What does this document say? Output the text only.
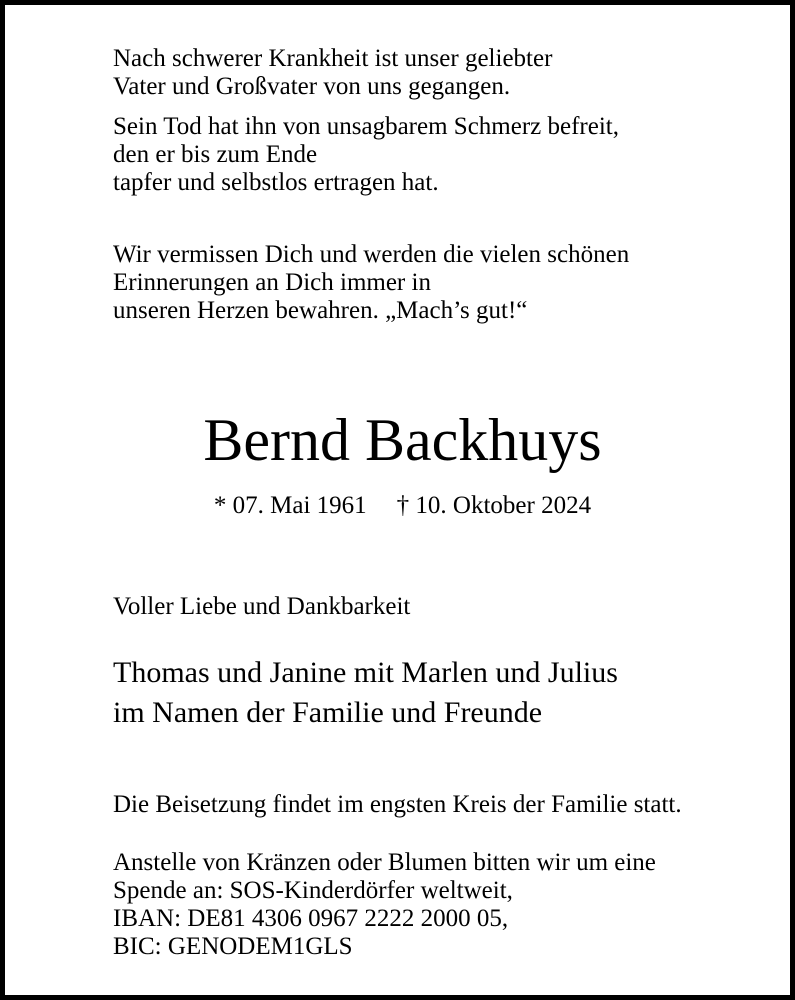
Nach schwerer Krankheit ist unser geliebter
Vater und Großvater von uns gegangen.

Sein Tod hat ihn von unsagbarem Schmerz befreit,
den er bis zum Ende
tapfer und selbstlos ertragen hat.

Wir vermissen Dich und werden die vielen schönen
Erinnerungen an Dich immer in
unseren Herzen bewahren. „Mach’s gut!“

Bernd Backhuys

* 07. Mai 1961 † 10. Oktober 2024

Voller Liebe und Dankbarkeit

Thomas und Janine mit Marlen und Julius
im Namen der Familie und Freunde

Die Beisetzung findet im engsten Kreis der Familie statt.

Anstelle von Kränzen oder Blumen bitten wir um eine
Spende an: SOS-Kinderdörfer weltweit,
IBAN: DE81 4306 0967 2222 2000 05,
BIC: GENODEM1GLS
